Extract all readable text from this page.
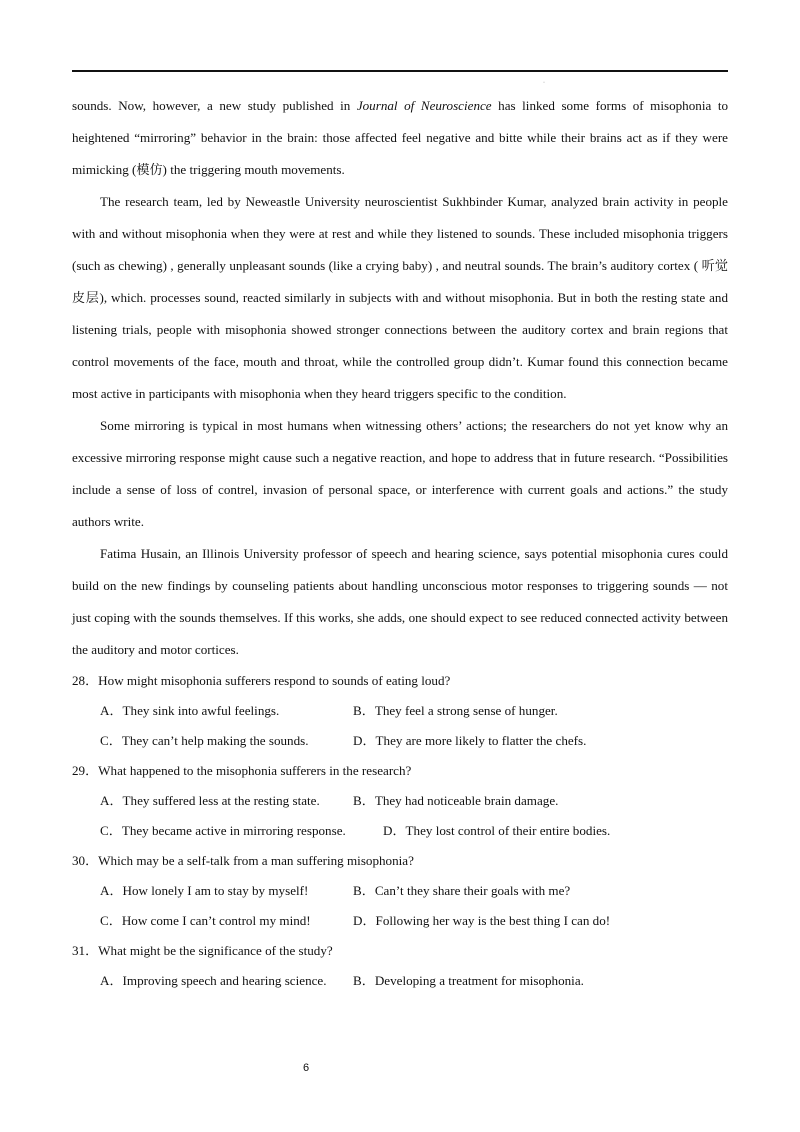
·

sounds. Now, however, a new study published in Journal of Neuroscience has linked some forms of misophonia to heightened “mirroring” behavior in the brain: those affected feel negative and bitte while their brains act as if they were mimicking (模仿) the triggering mouth movements.

The research team, led by Neweastle University neuroscientist Sukhbinder Kumar, analyzed brain activity in people with and without misophonia when they were at rest and while they listened to sounds. These included misophonia triggers (such as chewing) , generally unpleasant sounds (like a crying baby) , and neutral sounds. The brain’s auditory cortex ( 听觉皮层), which. processes sound, reacted similarly in subjects with and without misophonia. But in both the resting state and listening trials, people with misophonia showed stronger connections between the auditory cortex and brain regions that control movements of the face, mouth and throat, while the controlled group didn’t. Kumar found this connection became most active in participants with misophonia when they heard triggers specific to the condition.

Some mirroring is typical in most humans when witnessing others’ actions; the researchers do not yet know why an excessive mirroring response might cause such a negative reaction, and hope to address that in future research. “Possibilities include a sense of loss of contrel, invasion of personal space, or interference with current goals and actions.” the study authors write.

Fatima Husain, an Illinois University professor of speech and hearing science, says potential misophonia cures could build on the new findings by counseling patients about handling unconscious motor responses to triggering sounds — not just coping with the sounds themselves. If this works, she adds, one should expect to see reduced connected activity between the auditory and motor cortices.

28．How might misophonia sufferers respond to sounds of eating loud?

A．They sink into awful feelings.	B．They feel a strong sense of hunger.
C．They can’t help making the sounds.	D．They are more likely to flatter the chefs.

29．What happened to the misophonia sufferers in the research?

A．They suffered less at the resting state.	B．They had noticeable brain damage.
C．They became active in mirroring response.	D．They lost control of their entire bodies.

30．Which may be a self-talk from a man suffering misophonia?

A．How lonely I am to stay by myself!	B．Can’t they share their goals with me?
C．How come I can’t control my mind!	D．Following her way is the best thing I can do!

31．What might be the significance of the study?

A．Improving speech and hearing science.	B．Developing a treatment for misophonia.
6
